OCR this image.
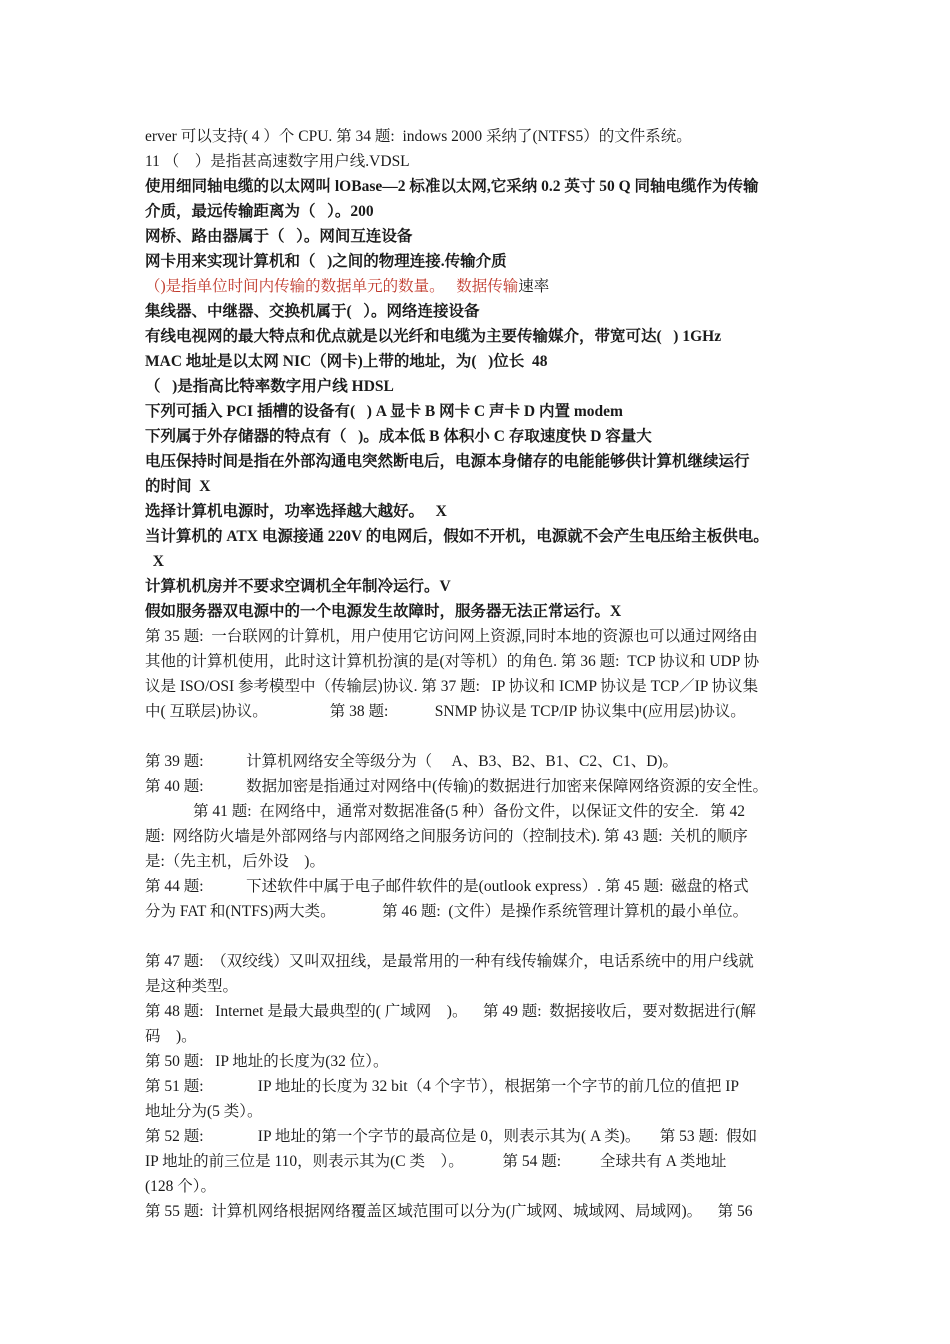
erver 可以支持( 4 ）个 CPU. 第 34 题:  indows 2000 采纳了(NTFS5）的文件系统。
11 （    ）是指甚高速数字用户线.VDSL
使用细同轴电缆的以太网叫 lOBase—2 标准以太网,它采纳 0.2 英寸 50 Q 同轴电缆作为传输
介质，最远传输距离为（   ）。200
网桥、路由器属于（   ）。网间互连设备
网卡用来实现计算机和（   )之间的物理连接.传输介质
（)是指单位时间内传输的数据单元的数量。   数据传输速率
集线器、中继器、交换机属于(   ）。网络连接设备
有线电视网的最大特点和优点就是以光纤和电缆为主要传输媒介，带宽可达(   ) 1GHz
MAC 地址是以太网 NIC（网卡)上带的地址，为(   )位长  48
（   )是指高比特率数字用户线 HDSL
下列可插入 PCI 插槽的设备有(   ) A 显卡 B 网卡 C 声卡 D 内置 modem
下列属于外存储器的特点有（   )。成本低 B 体积小 C 存取速度快 D 容量大
电压保持时间是指在外部沟通电突然断电后，电源本身储存的电能能够供计算机继续运行
的时间  X
选择计算机电源时，功率选择越大越好。   X
当计算机的 ATX 电源接通 220V 的电网后，假如不开机，电源就不会产生电压给主板供电。
X
计算机机房并不要求空调机全年制冷运行。V
假如服务器双电源中的一个电源发生故障时，服务器无法正常运行。X
第 35 题:  一台联网的计算机，用户使用它访问网上资源,同时本地的资源也可以通过网络由
其他的计算机使用，此时这计算机扮演的是(对等机）的角色. 第 36 题:  TCP 协议和 UDP 协
议是 ISO/OSI 参考模型中（传输层)协议. 第 37 题:   IP 协议和 ICMP 协议是 TCP／IP 协议集
中( 互联层)协议。                第 38 题:            SNMP 协议是 TCP/IP 协议集中(应用层)协议。
第 39 题:           计算机网络安全等级分为（     A、B3、B2、B1、C2、C1、D)。
第 40 题:           数据加密是指通过对网络中(传输)的数据进行加密来保障网络资源的安全性。
第 41 题:  在网络中，通常对数据准备(5 种）备份文件，以保证文件的安全.   第 42
题:  网络防火墙是外部网络与内部网络之间服务访问的（控制技术). 第 43 题:  关机的顺序
是:（先主机，后外设    )。
第 44 题:           下述软件中属于电子邮件软件的是(outlook express）. 第 45 题:  磁盘的格式
分为 FAT 和(NTFS)两大类。            第 46 题:  (文件）是操作系统管理计算机的最小单位。
第 47 题:  （双绞线）又叫双扭线，是最常用的一种有线传输媒介，电话系统中的用户线就
是这种类型。
第 48 题:   Internet 是最大最典型的( 广域网    )。    第 49 题:  数据接收后，要对数据进行(解
码    )。
第 50 题:   IP 地址的长度为(32 位）。
第 51 题:              IP 地址的长度为 32 bit（4 个字节），根据第一个字节的前几位的值把 IP
地址分为(5 类）。
第 52 题:              IP 地址的第一个字节的最高位是 0，则表示其为( A 类)。     第 53 题:  假如
IP 地址的前三位是 110，则表示其为(C 类    ）。          第 54 题:          全球共有 A 类地址
(128 个）。
第 55 题:  计算机网络根据网络覆盖区域范围可以分为(广域网、城域网、局域网)。    第 56
